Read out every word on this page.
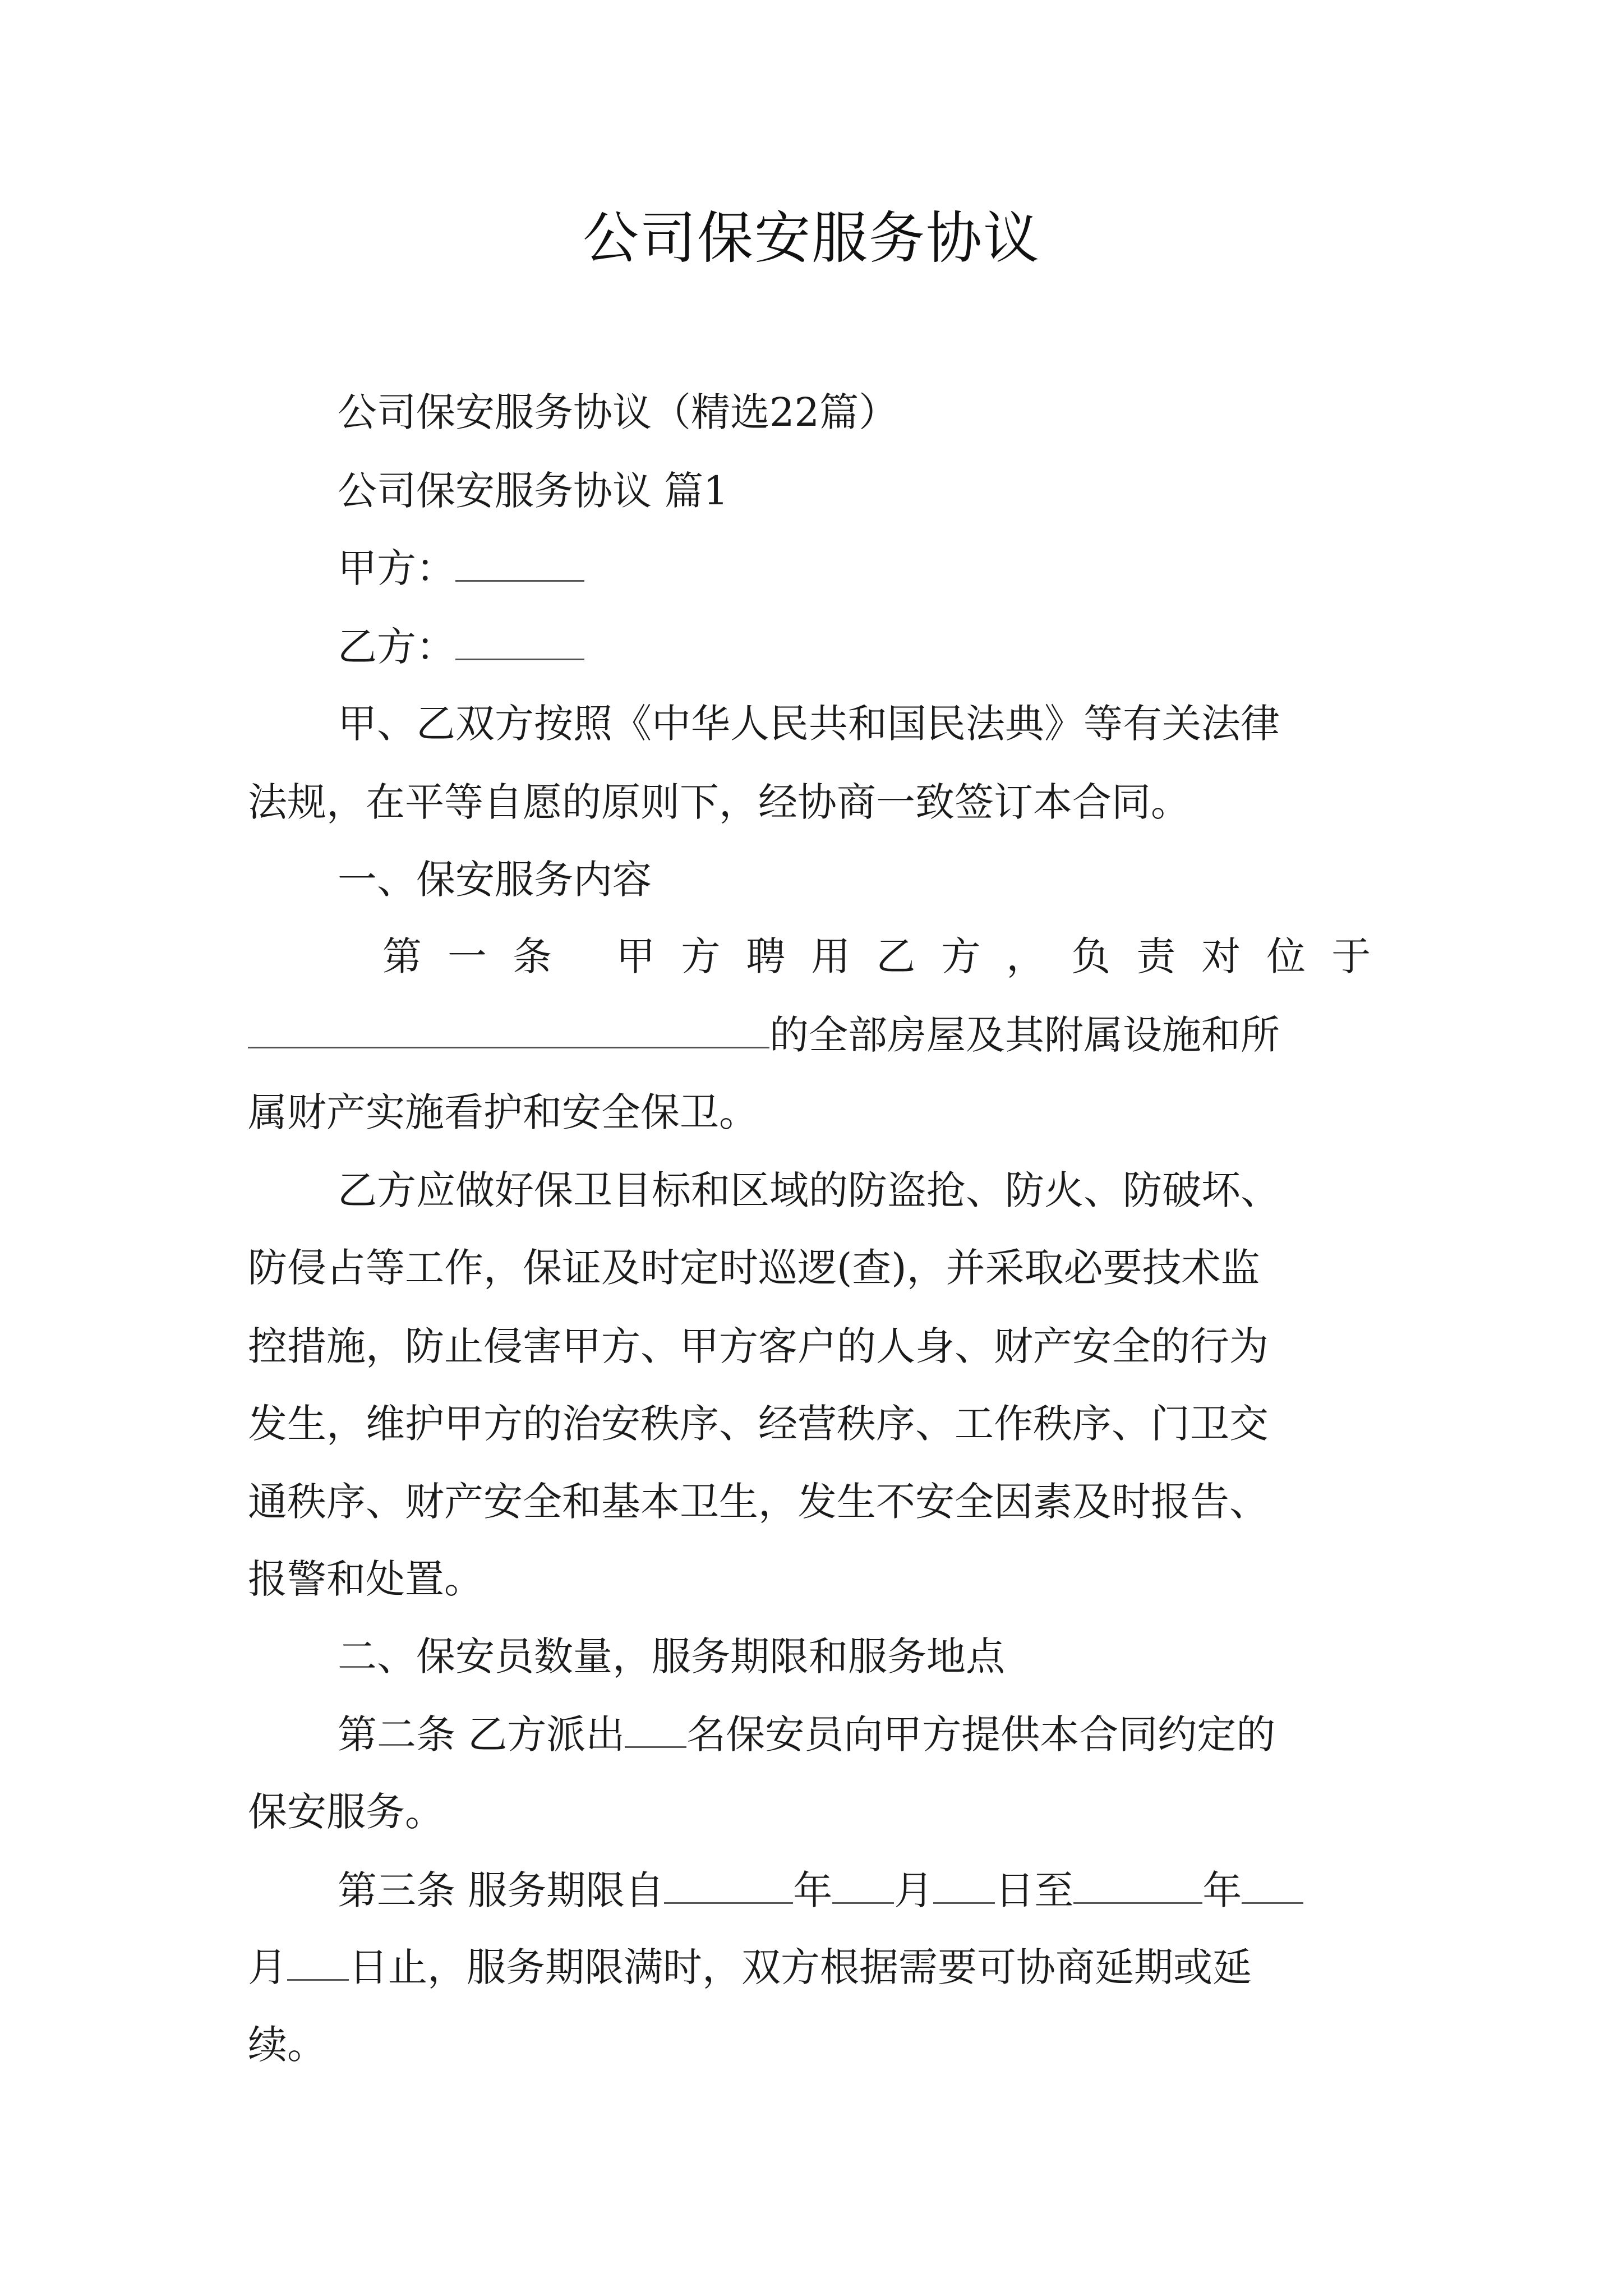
公司保安服务协议
公司保安服务协议（精选22篇）
公司保安服务协议 篇1
甲方：
乙方：
甲、乙双方按照《中华人民共和国民法典》等有关法律
法规，在平等自愿的原则下，经协商一致签订本合同。
一、保安服务内容
第一条 甲方聘用乙方，负责对位于
的全部房屋及其附属设施和所
属财产实施看护和安全保卫。
乙方应做好保卫目标和区域的防盗抢、防火、防破坏、
防侵占等工作，保证及时定时巡逻(查)，并采取必要技术监
控措施，防止侵害甲方、甲方客户的人身、财产安全的行为
发生，维护甲方的治安秩序、经营秩序、工作秩序、门卫交
通秩序、财产安全和基本卫生，发生不安全因素及时报告、
报警和处置。
二、保安员数量，服务期限和服务地点
第二条 乙方派出 名保安员向甲方提供本合同约定的
保安服务。
第三条 服务期限自	年 月 日至	年
月 日止，服务期限满时，双方根据需要可协商延期或延
续。
